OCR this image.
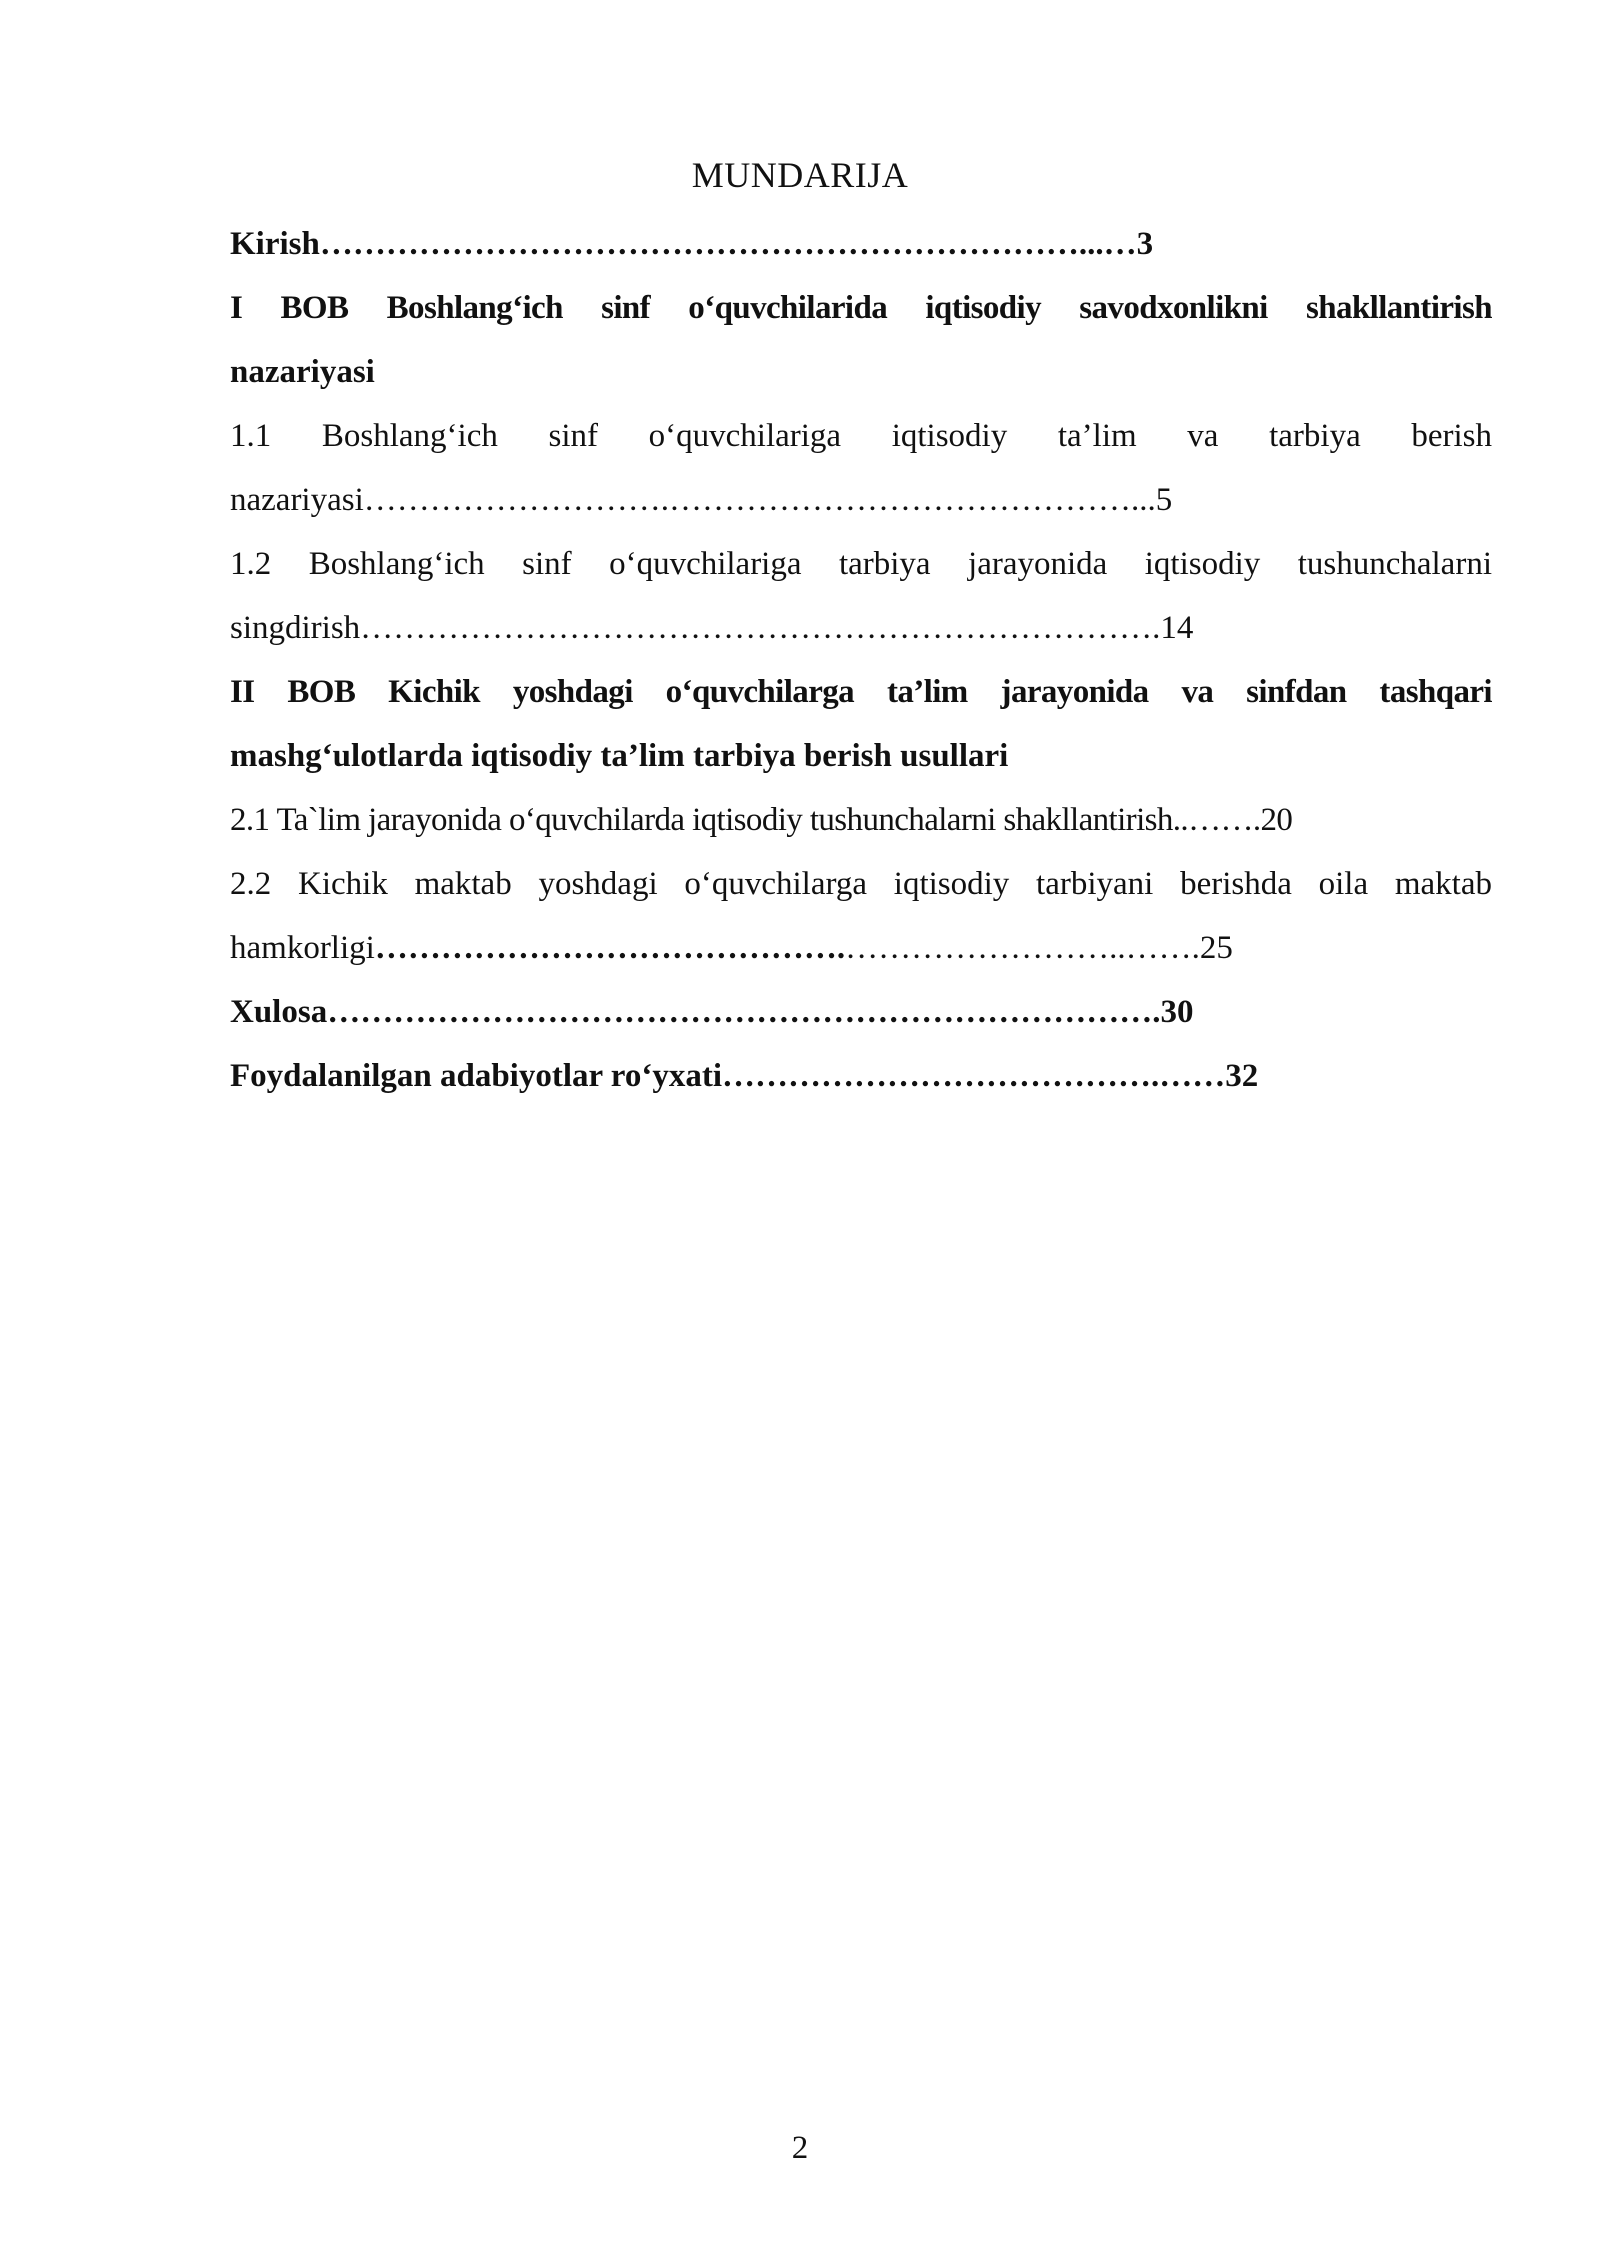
MUNDARIJA
Kirish……………………………………………………………...…3
I BOB Boshlang‘ich sinf o‘quvchilarida iqtisodiy savodxonlikni shakllantirish
nazariyasi
1.1 Boshlang‘ich sinf o‘quvchilariga iqtisodiy ta’lim va tarbiya berish
nazariyasi……………………….……………………………………...5
1.2 Boshlang‘ich sinf o‘quvchilariga tarbiya jarayonida iqtisodiy tushunchalarni
singdirish……………………………………………………………….14
II BOB Kichik yoshdagi o‘quvchilarga ta’lim jarayonida va sinfdan tashqari
mashg‘ulotlarda iqtisodiy ta’lim tarbiya berish usullari
2.1 Ta`lim jarayonida o‘quvchilarda iqtisodiy tushunchalarni shakllantirish..…….20
2.2 Kichik maktab yoshdagi o‘quvchilarga iqtisodiy tarbiyani berishda oila maktab
hamkorligi…………………………………….……………………..…….25
Xulosa………………………………………………………………….30
Foydalanilgan adabiyotlar ro‘yxati………………………………….……32
2
